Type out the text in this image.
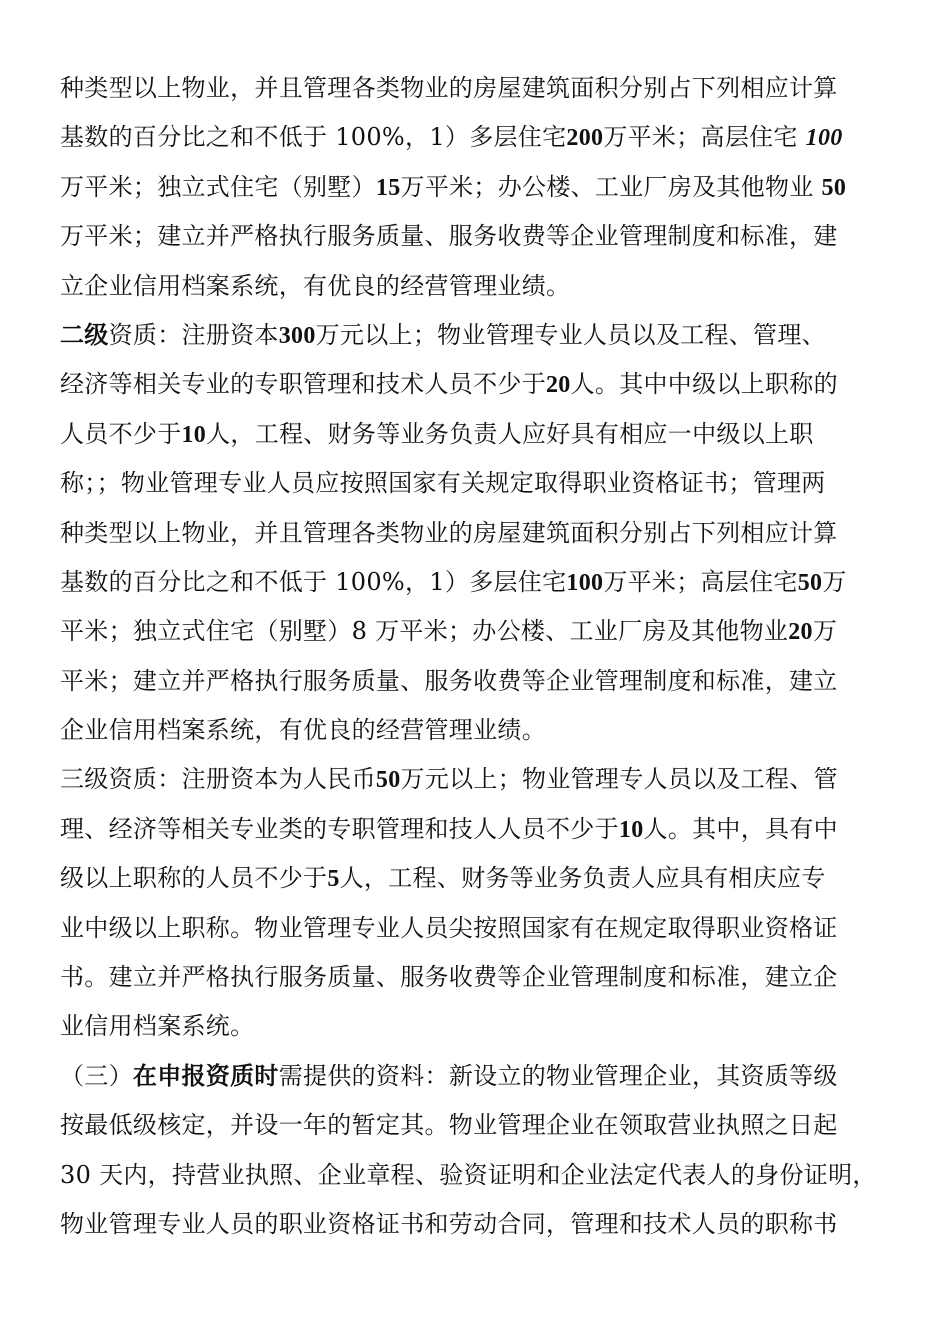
种类型以上物业，并且管理各类物业的房屋建筑面积分别占下列相应计算
基数的百分比之和不低于 100%，1）多层住宅200万平米；高层住宅 100
万平米；独立式住宅（别墅）15万平米；办公楼、工业厂房及其他物业 50
万平米；建立并严格执行服务质量、服务收费等企业管理制度和标准，建
立企业信用档案系统，有优良的经营管理业绩。
二级资质：注册资本300万元以上；物业管理专业人员以及工程、管理、
经济等相关专业的专职管理和技术人员不少于20人。其中中级以上职称的
人员不少于10人，工程、财务等业务负责人应好具有相应一中级以上职
称；；物业管理专业人员应按照国家有关规定取得职业资格证书；管理两
种类型以上物业，并且管理各类物业的房屋建筑面积分别占下列相应计算
基数的百分比之和不低于 100%，1）多层住宅100万平米；高层住宅50万
平米；独立式住宅（别墅）8 万平米；办公楼、工业厂房及其他物业20万
平米；建立并严格执行服务质量、服务收费等企业管理制度和标准，建立
企业信用档案系统，有优良的经营管理业绩。
三级资质：注册资本为人民币50万元以上；物业管理专人员以及工程、管
理、经济等相关专业类的专职管理和技人人员不少于10人。其中，具有中
级以上职称的人员不少于5人，工程、财务等业务负责人应具有相庆应专
业中级以上职称。物业管理专业人员尖按照国家有在规定取得职业资格证
书。建立并严格执行服务质量、服务收费等企业管理制度和标准，建立企
业信用档案系统。
（三）在申报资质时需提供的资料：新设立的物业管理企业，其资质等级
按最低级核定，并设一年的暂定其。物业管理企业在领取营业执照之日起
30 天内，持营业执照、企业章程、验资证明和企业法定代表人的身份证明，
物业管理专业人员的职业资格证书和劳动合同，管理和技术人员的职称书
